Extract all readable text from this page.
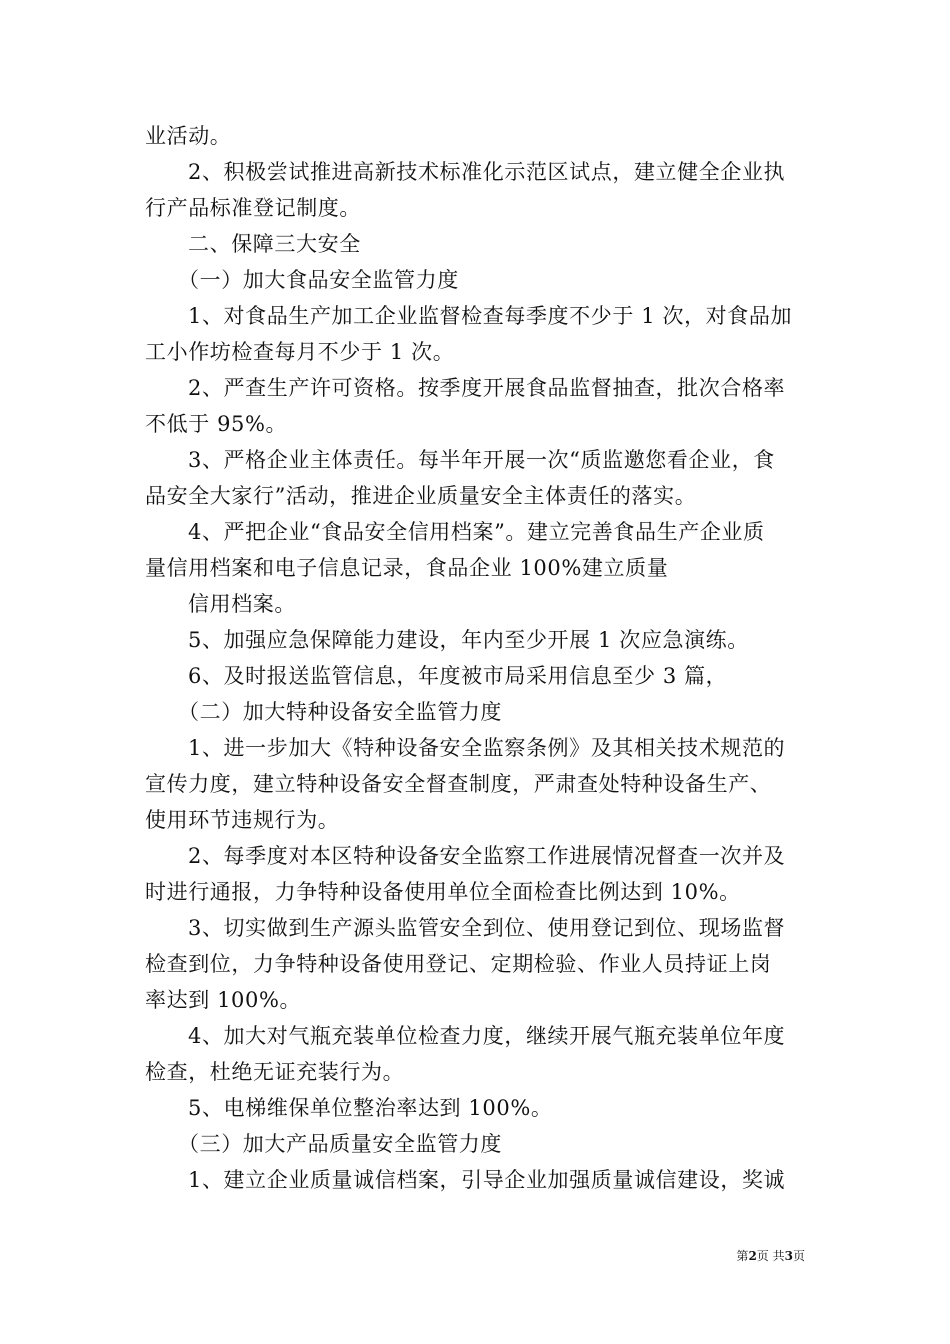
业活动。
2、积极尝试推进高新技术标准化示范区试点，建立健全企业执
行产品标准登记制度。
二、保障三大安全
（一）加大食品安全监管力度
1、对食品生产加工企业监督检查每季度不少于 1 次，对食品加
工小作坊检查每月不少于 1 次。
2、严查生产许可资格。按季度开展食品监督抽查，批次合格率
不低于 95%。
3、严格企业主体责任。每半年开展一次“质监邀您看企业，食
品安全大家行”活动，推进企业质量安全主体责任的落实。
4、严把企业“食品安全信用档案”。建立完善食品生产企业质
量信用档案和电子信息记录，食品企业 100%建立质量
信用档案。
5、加强应急保障能力建设，年内至少开展 1 次应急演练。
6、及时报送监管信息，年度被市局采用信息至少 3 篇，
（二）加大特种设备安全监管力度
1、进一步加大《特种设备安全监察条例》及其相关技术规范的
宣传力度，建立特种设备安全督查制度，严肃查处特种设备生产、
使用环节违规行为。
2、每季度对本区特种设备安全监察工作进展情况督查一次并及
时进行通报，力争特种设备使用单位全面检查比例达到 10%。
3、切实做到生产源头监管安全到位、使用登记到位、现场监督
检查到位，力争特种设备使用登记、定期检验、作业人员持证上岗
率达到 100%。
4、加大对气瓶充装单位检查力度，继续开展气瓶充装单位年度
检查，杜绝无证充装行为。
5、电梯维保单位整治率达到 100%。
（三）加大产品质量安全监管力度
1、建立企业质量诚信档案，引导企业加强质量诚信建设，奖诚
第2页 共3页
